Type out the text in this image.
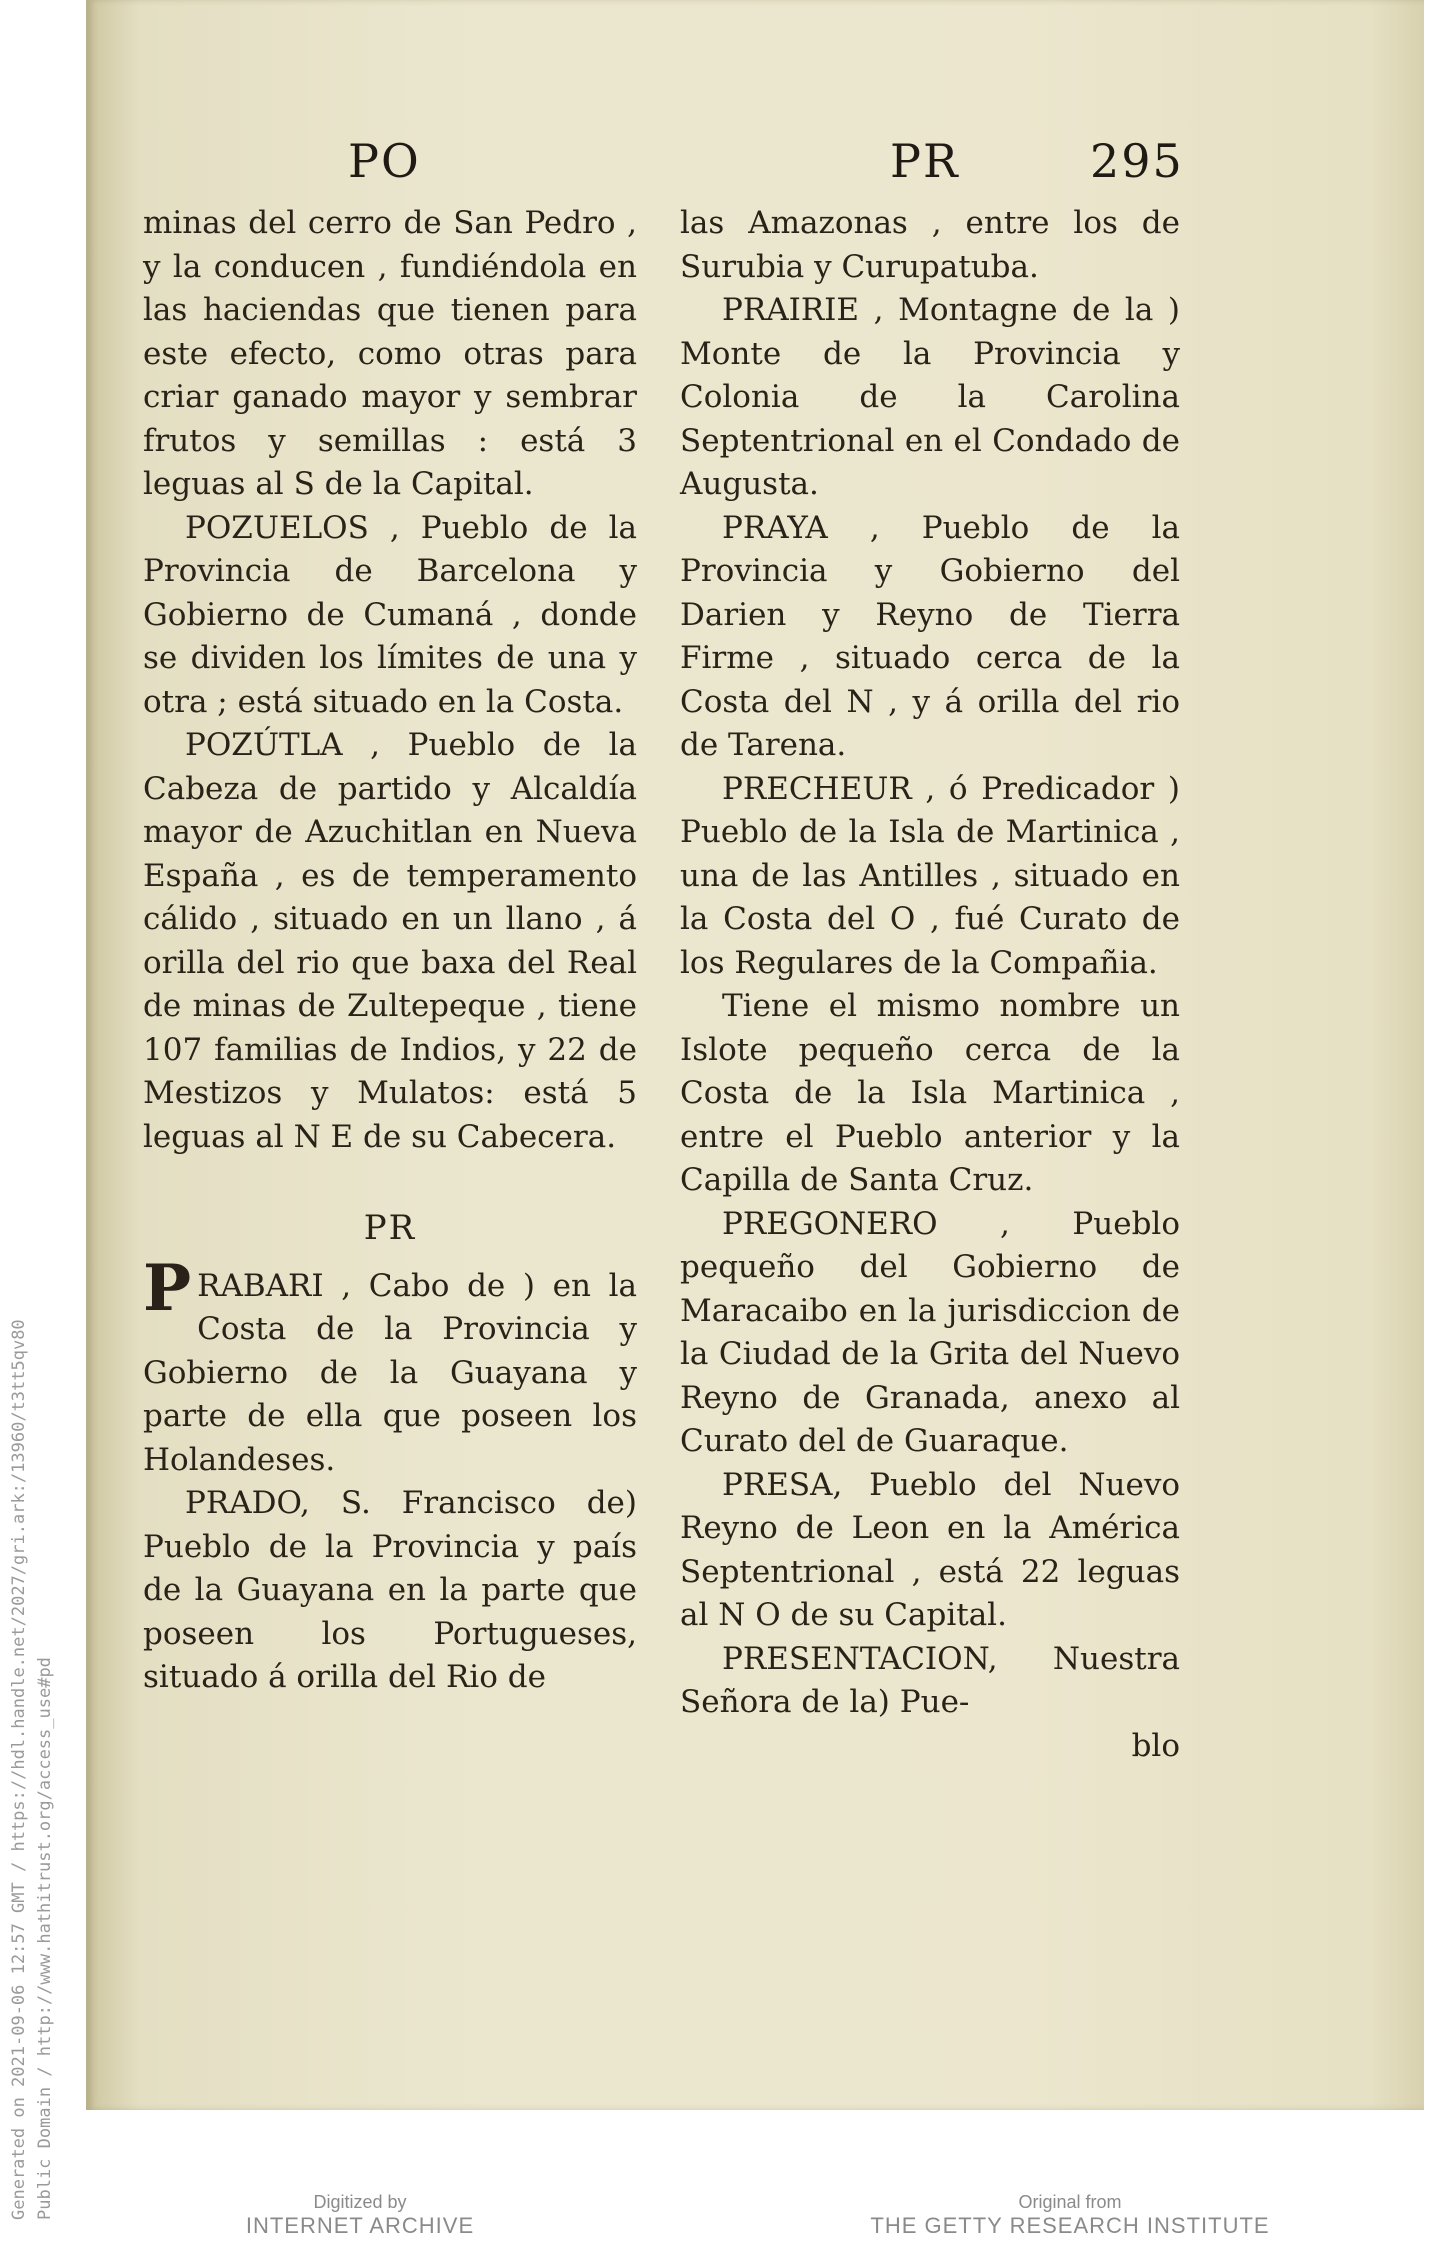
Generated on 2021-09-06 12:57 GMT / https://hdl.handle.net/2027/gri.ark:/13960/t3tt5qv80 Public Domain / http://www.hathitrust.org/access_use#pd
PO

minas del cerro de San Pedro , y la conducen , fundiéndola en las haciendas que tienen para este efecto, como otras para criar ganado mayor y sembrar frutos y semillas : está 3 leguas al S de la Capital.

POZUELOS , Pueblo de la Provincia de Barcelona y Gobierno de Cumaná , donde se dividen los límites de una y otra ; está situado en la Costa.

POZÚTLA , Pueblo de la Cabeza de partido y Alcaldía mayor de Azuchitlan en Nueva España , es de temperamento cálido , situado en un llano , á orilla del rio que baxa del Real de minas de Zultepeque , tiene 107 familias de Indios, y 22 de Mestizos y Mulatos: está 5 leguas al N E de su Cabecera.

PR

P RABARI , Cabo de ) en la Costa de la Provincia y Gobierno de la Guayana y parte de ella que poseen los Holandeses.

PRADO, S. Francisco de) Pueblo de la Provincia y país de la Guayana en la parte que poseen los Portugueses, situado á orilla del Rio de

PR	295

las Amazonas , entre los de Surubia y Curupatuba.

PRAIRIE , Montagne de la ) Monte de la Provincia y Colonia de la Carolina Septentrional en el Condado de Augusta.

PRAYA , Pueblo de la Provincia y Gobierno del Darien y Reyno de Tierra Firme , situado cerca de la Costa del N , y á orilla del rio de Tarena.

PRECHEUR , ó Predicador ) Pueblo de la Isla de Martinica , una de las Antilles , situado en la Costa del O , fué Curato de los Regulares de la Compañia.

Tiene el mismo nombre un Islote pequeño cerca de la Costa de la Isla Martinica , entre el Pueblo anterior y la Capilla de Santa Cruz.

PREGONERO , Pueblo pequeño del Gobierno de Maracaibo en la jurisdiccion de la Ciudad de la Grita del Nuevo Reyno de Granada, anexo al Curato del de Guaraque.

PRESA, Pueblo del Nuevo Reyno de Leon en la América Septentrional , está 22 leguas al N O de su Capital.

PRESENTACION, Nuestra Señora de la) Pue-

blo

Digitized by
INTERNET ARCHIVE
Original from
THE GETTY RESEARCH INSTITUTE
